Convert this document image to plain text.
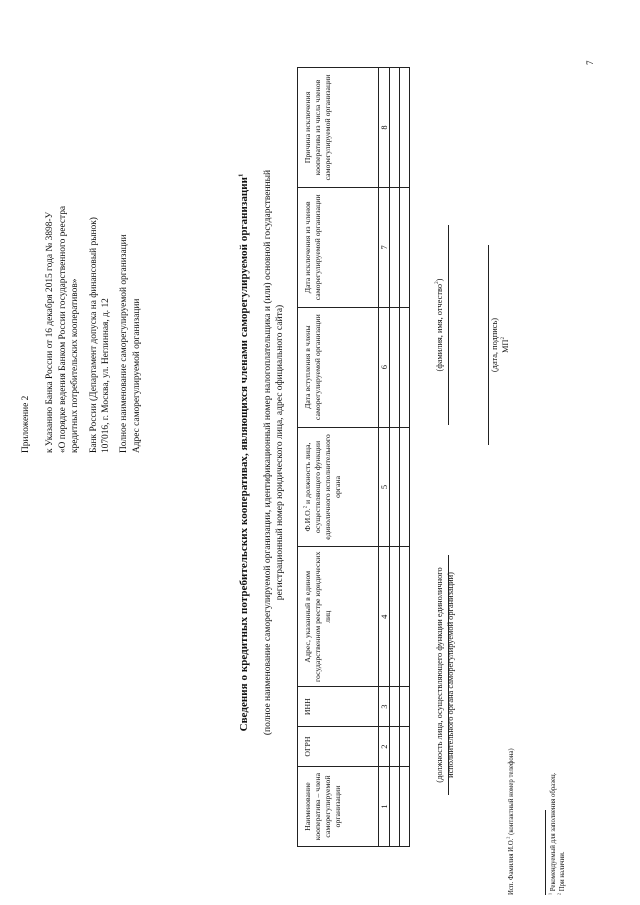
Приложение 2 к Указанию Банка России от 16 декабря 2015 года № 3898-У «О порядке ведения Банком России государственного реестра кредитных потребительских кооперативов» Банк России (Департамент допуска на финансовый рынок) 107016, г. Москва, ул. Неглинная, д. 12 Полное наименование саморегулируемой организации Адрес саморегулируемой организации	Сведения о кредитных потребительских кооперативах, являющихся членами саморегулируемой организации$^1$	(полное наименование саморегулируемой организации, идентификационный номер налогоплательщика и (или) основной государственный регистрационный номер юридического лица, адрес официального сайта)
Наименование кооператива – члена саморегулируемой организации	ОГРН	ИНН	Адрес, указанный в едином государственном реестре юридических лиц	Ф.И.О.$^2$ и должность лица, осуществляющего функции единоличного исполнительного органа	Дата вступления в члены саморегулируемой организации	Дата исключения из членов саморегулируемой организации	Причина исключения кооператива из числа членов саморегулируемой организации
1	2	3	4	5	6	7	8

(должность лица, осуществляющего функции единоличного исполнительного органа саморегулируемой организации)
(фамилия, имя, отчество$^2$)
(дата, подпись) $МП^2$
Исп. Фамилия И.О.$^2$ (контактный номер телефона)
$^1$ Рекомендуемый для заполнения образец.
$^2$ При наличии.
7
